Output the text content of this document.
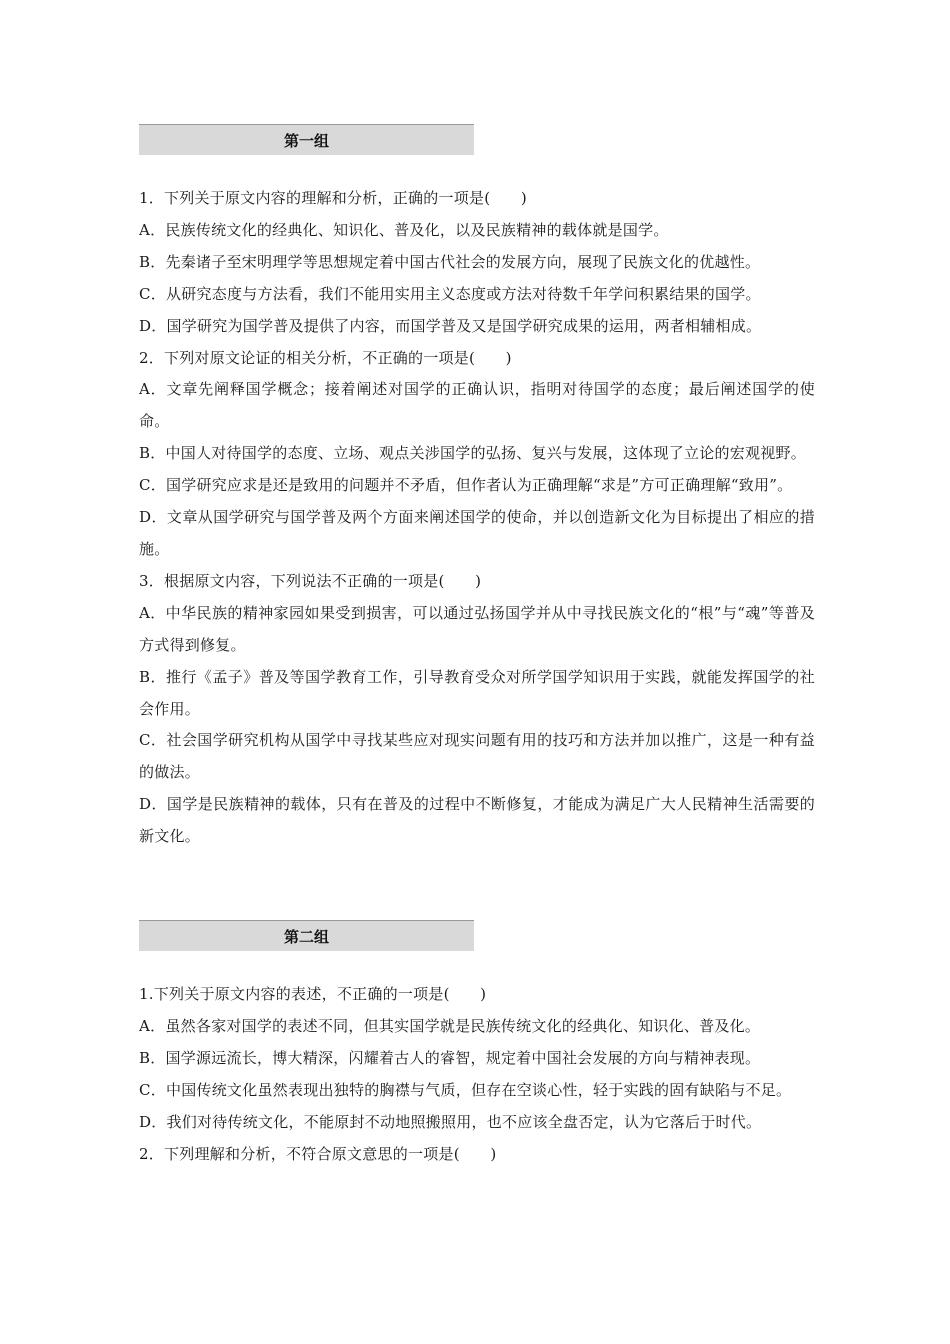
第一组

1．下列关于原文内容的理解和分析，正确的一项是(　　)

A．民族传统文化的经典化、知识化、普及化，以及民族精神的载体就是国学。

B．先秦诸子至宋明理学等思想规定着中国古代社会的发展方向，展现了民族文化的优越性。

C．从研究态度与方法看，我们不能用实用主义态度或方法对待数千年学问积累结果的国学。

D．国学研究为国学普及提供了内容，而国学普及又是国学研究成果的运用，两者相辅相成。

2．下列对原文论证的相关分析，不正确的一项是(　　)

A．文章先阐释国学概念；接着阐述对国学的正确认识，指明对待国学的态度；最后阐述国学的使命。

B．中国人对待国学的态度、立场、观点关涉国学的弘扬、复兴与发展，这体现了立论的宏观视野。

C．国学研究应求是还是致用的问题并不矛盾，但作者认为正确理解“求是”方可正确理解“致用”。

D．文章从国学研究与国学普及两个方面来阐述国学的使命，并以创造新文化为目标提出了相应的措施。

3．根据原文内容，下列说法不正确的一项是(　　)

A．中华民族的精神家园如果受到损害，可以通过弘扬国学并从中寻找民族文化的“根”与“魂”等普及方式得到修复。

B．推行《孟子》普及等国学教育工作，引导教育受众对所学国学知识用于实践，就能发挥国学的社会作用。

C．社会国学研究机构从国学中寻找某些应对现实问题有用的技巧和方法并加以推广，这是一种有益的做法。

D．国学是民族精神的载体，只有在普及的过程中不断修复，才能成为满足广大人民精神生活需要的新文化。

第二组

1.下列关于原文内容的表述，不正确的一项是(　　)

A．虽然各家对国学的表述不同，但其实国学就是民族传统文化的经典化、知识化、普及化。

B．国学源远流长，博大精深，闪耀着古人的睿智，规定着中国社会发展的方向与精神表现。

C．中国传统文化虽然表现出独特的胸襟与气质，但存在空谈心性，轻于实践的固有缺陷与不足。

D．我们对待传统文化，不能原封不动地照搬照用，也不应该全盘否定，认为它落后于时代。

2．下列理解和分析，不符合原文意思的一项是(　　)
